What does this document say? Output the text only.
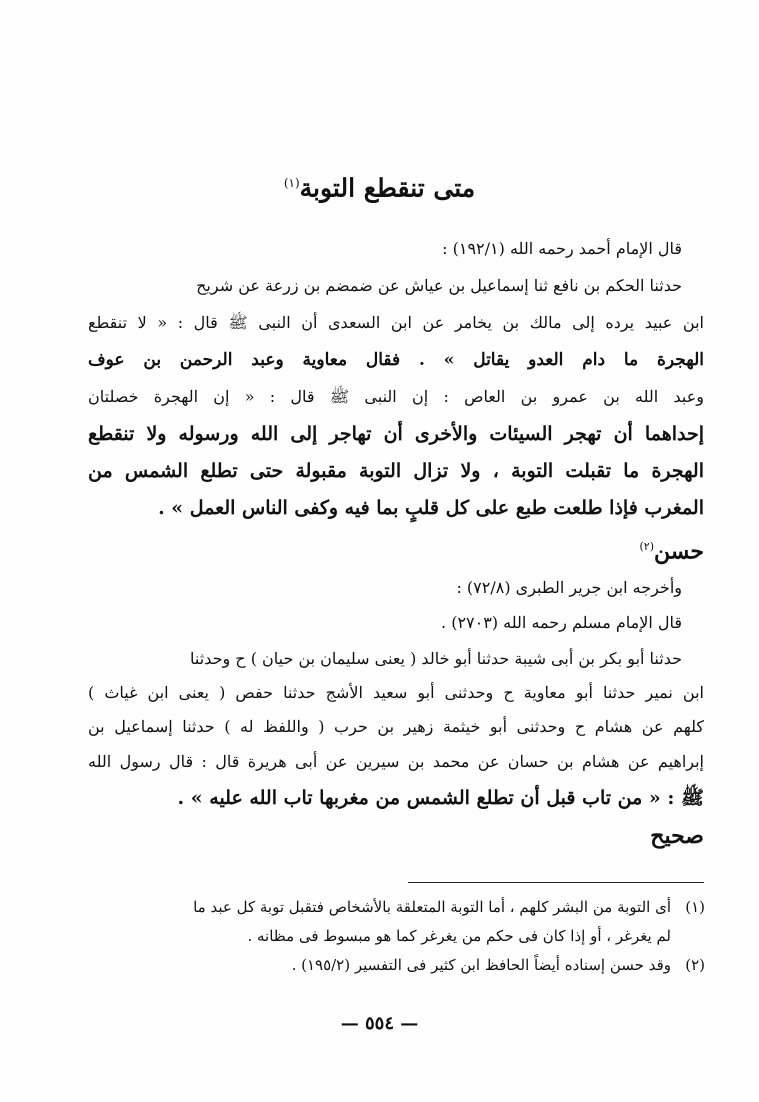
متى تنقطع التوبة$^{(١)}$
قال الإمام أحمد رحمه الله (١٩٢/١) :
حدثنا الحكم بن نافع ثنا إسماعيل بن عياش عن ضمضم بن زرعة عن شريح
ابن عبيد يرده إلى مالك بن يخامر عن ابن السعدى أن النبى ﷺ قال : « لا تنقطع
الهجرة ما دام العدو يقاتل » . فقال معاوية وعبد الرحمن بن عوف
وعبد الله بن عمرو بن العاص : إن النبى ﷺ قال : « إن الهجرة خصلتان
إحداهما أن تهجر السيئات والأخرى أن تهاجر إلى الله ورسوله ولا تنقطع
الهجرة ما تقبلت التوبة ، ولا تزال التوبة مقبولة حتى تطلع الشمس من
المغرب فإذا طلعت طبع على كل قلبٍ بما فيه وكفى الناس العمل » .
حسن$^{(٢)}$
وأخرجه ابن جرير الطبرى (٧٢/٨) :
قال الإمام مسلم رحمه الله (٢٧٠٣) .
حدثنا أبو بكر بن أبى شيبة حدثنا أبو خالد ( يعنى سليمان بن حيان ) ح وحدثنا
ابن نمير حدثنا أبو معاوية ح وحدثنى أبو سعيد الأشج حدثنا حفص ( يعنى ابن غياث )
كلهم عن هشام ح وحدثنى أبو خيثمة زهير بن حرب ( واللفظ له ) حدثنا إسماعيل بن
إبراهيم عن هشام بن حسان عن محمد بن سيرين عن أبى هريرة قال : قال رسول الله
ﷺ : « من تاب قبل أن تطلع الشمس من مغربها تاب الله عليه » .
صحيح
(١)أى التوبة من البشر كلهم ، أما التوبة المتعلقة بالأشخاص فتقبل توبة كل عبد ما
لم يغرغر ، أو إذا كان فى حكم من يغرغر كما هو مبسوط فى مظانه .
(٢)وقد حسن إسناده أيضاً الحافظ ابن كثير فى التفسير (١٩٥/٢) .
— ٥٥٤ —
